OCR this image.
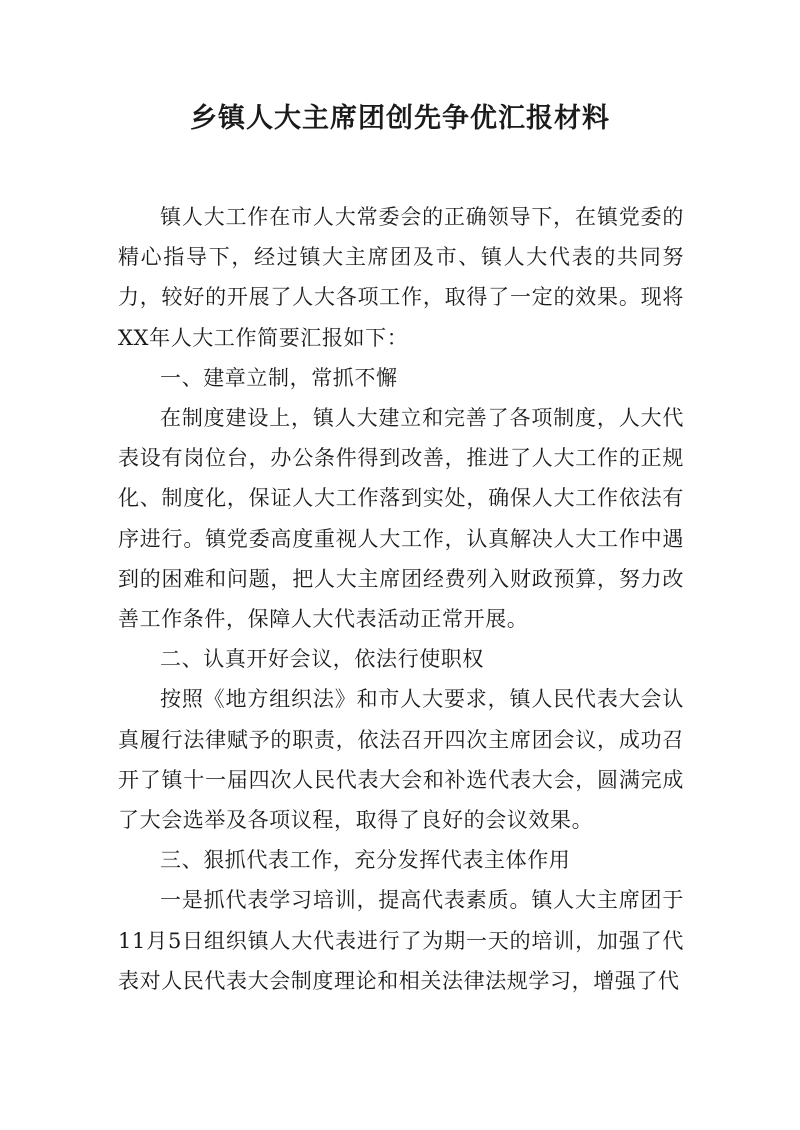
乡镇人大主席团创先争优汇报材料

镇人大工作在市人大常委会的正确领导下，在镇党委的精心指导下，经过镇大主席团及市、镇人大代表的共同努力，较好的开展了人大各项工作，取得了一定的效果。现将XX年人大工作简要汇报如下：

一、建章立制，常抓不懈

在制度建设上，镇人大建立和完善了各项制度，人大代表设有岗位台，办公条件得到改善，推进了人大工作的正规化、制度化，保证人大工作落到实处，确保人大工作依法有序进行。镇党委高度重视人大工作，认真解决人大工作中遇到的困难和问题，把人大主席团经费列入财政预算，努力改善工作条件，保障人大代表活动正常开展。

二、认真开好会议，依法行使职权

按照《地方组织法》和市人大要求，镇人民代表大会认真履行法律赋予的职责，依法召开四次主席团会议，成功召开了镇十一届四次人民代表大会和补选代表大会，圆满完成了大会选举及各项议程，取得了良好的会议效果。

三、狠抓代表工作，充分发挥代表主体作用

一是抓代表学习培训，提高代表素质。镇人大主席团于11月5日组织镇人大代表进行了为期一天的培训，加强了代表对人民代表大会制度理论和相关法律法规学习，增强了代
